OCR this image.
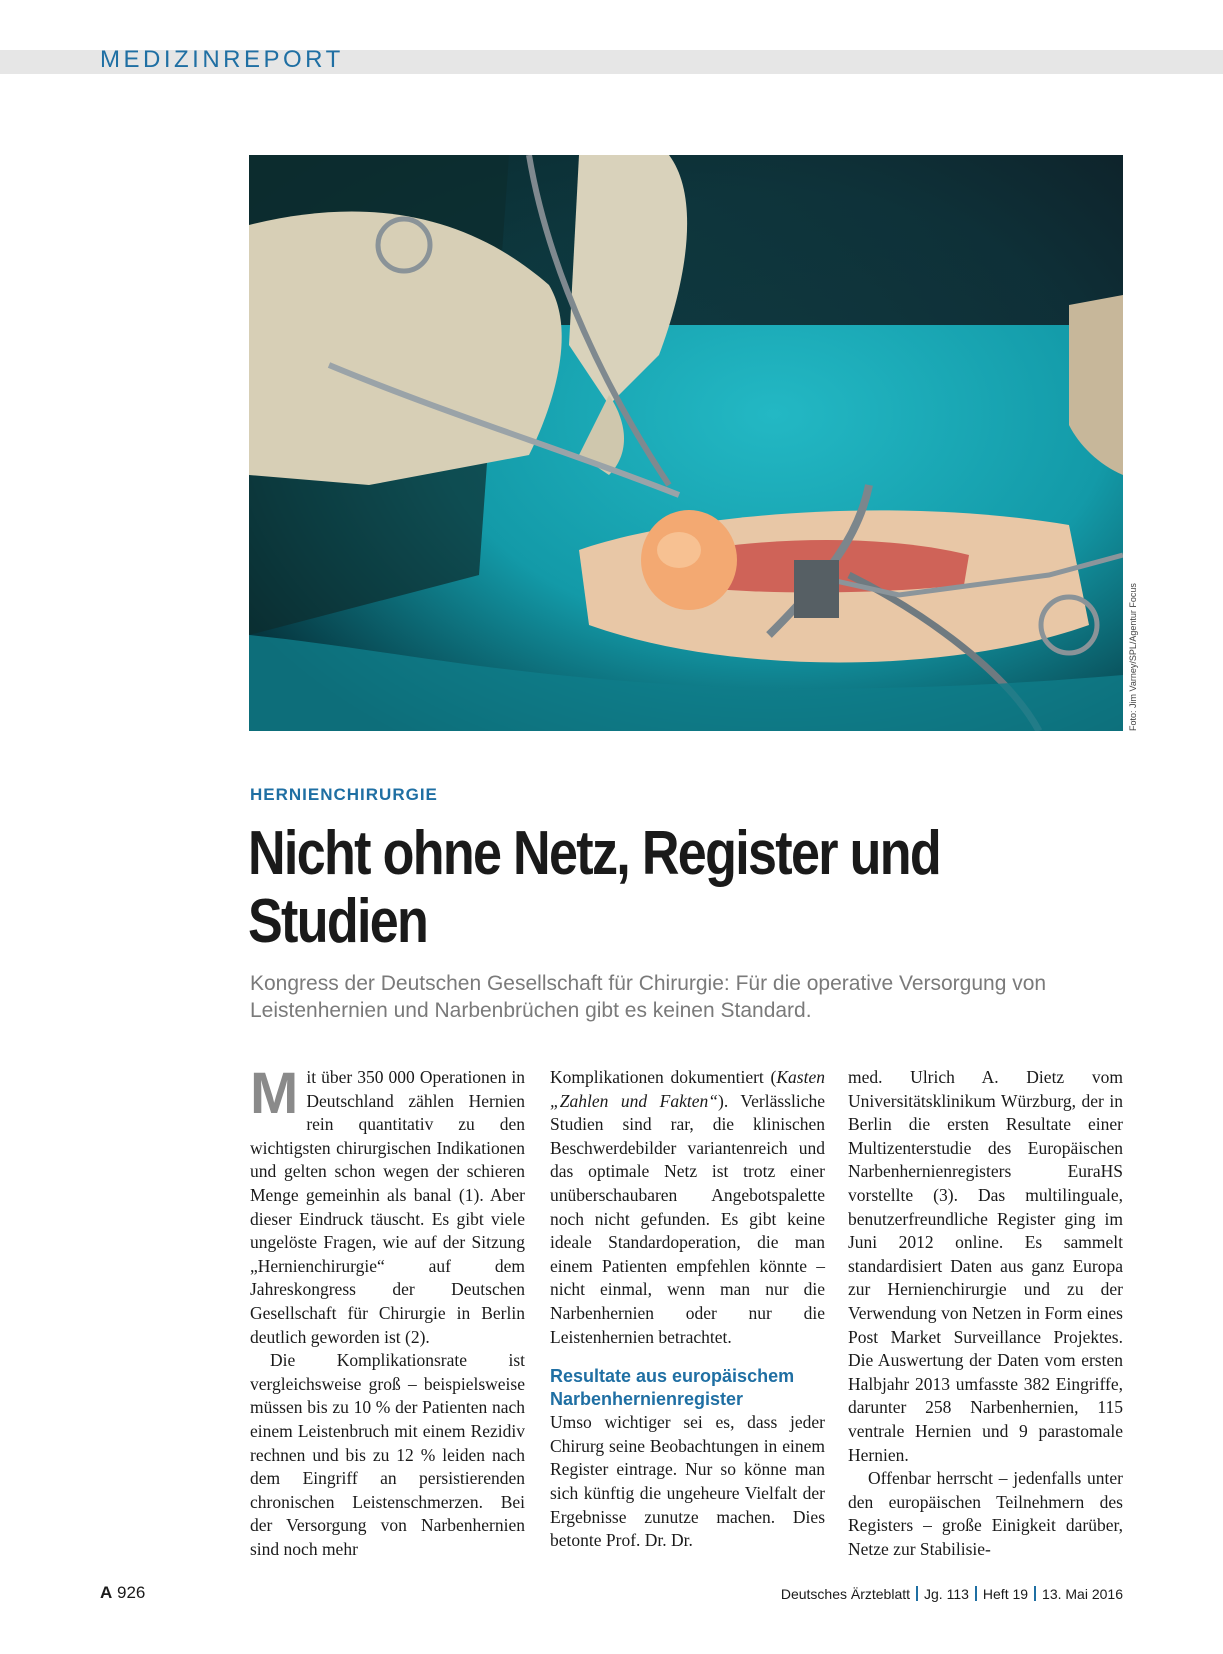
MEDIZINREPORT
Foto: Jim Varney/SPL/Agentur Focus
HERNIENCHIRURGIE
Nicht ohne Netz, Register und Studien

Kongress der Deutschen Gesellschaft für Chirurgie: Für die operative Versorgung von Leistenhernien und Narbenbrüchen gibt es keinen Standard.

Mit über 350 000 Operationen in Deutschland zählen Hernien rein quantitativ zu den wichtigsten chirurgischen Indikationen und gelten schon wegen der schieren Menge gemeinhin als banal (1). Aber dieser Eindruck täuscht. Es gibt viele ungelöste Fragen, wie auf der Sitzung „Hernienchirurgie“ auf dem Jahreskongress der Deutschen Gesellschaft für Chirurgie in Berlin deutlich geworden ist (2).

Die Komplikationsrate ist vergleichsweise groß – beispielsweise müssen bis zu 10 % der Patienten nach einem Leistenbruch mit einem Rezidiv rechnen und bis zu 12 % leiden nach dem Eingriff an persistierenden chronischen Leistenschmerzen. Bei der Versorgung von Narbenhernien sind noch mehr

Komplikationen dokumentiert (Kasten „Zahlen und Fakten“). Verlässliche Studien sind rar, die klinischen Beschwerdebilder variantenreich und das optimale Netz ist trotz einer unüberschaubaren Angebotspalette noch nicht gefunden. Es gibt keine ideale Standardoperation, die man einem Patienten empfehlen könnte – nicht einmal, wenn man nur die Narbenhernien oder nur die Leistenhernien betrachtet.

Resultate aus europäischem Narbenhernienregister

Umso wichtiger sei es, dass jeder Chirurg seine Beobachtungen in einem Register eintrage. Nur so könne man sich künftig die ungeheure Vielfalt der Ergebnisse zunutze machen. Dies betonte Prof. Dr. Dr.

med. Ulrich A. Dietz vom Universitätsklinikum Würzburg, der in Berlin die ersten Resultate einer Multizenterstudie des Europäischen Narbenhernienregisters EuraHS vorstellte (3). Das multilinguale, benutzerfreundliche Register ging im Juni 2012 online. Es sammelt standardisiert Daten aus ganz Europa zur Hernienchirurgie und zu der Verwendung von Netzen in Form eines Post Market Surveillance Projektes. Die Auswertung der Daten vom ersten Halbjahr 2013 umfasste 382 Eingriffe, darunter 258 Narbenhernien, 115 ventrale Hernien und 9 parastomale Hernien.

Offenbar herrscht – jedenfalls unter den europäischen Teilnehmern des Registers – große Einigkeit darüber, Netze zur Stabilisie-

A 926	Deutsches Ärzteblatt Jg. 113 Heft 19 13. Mai 2016
